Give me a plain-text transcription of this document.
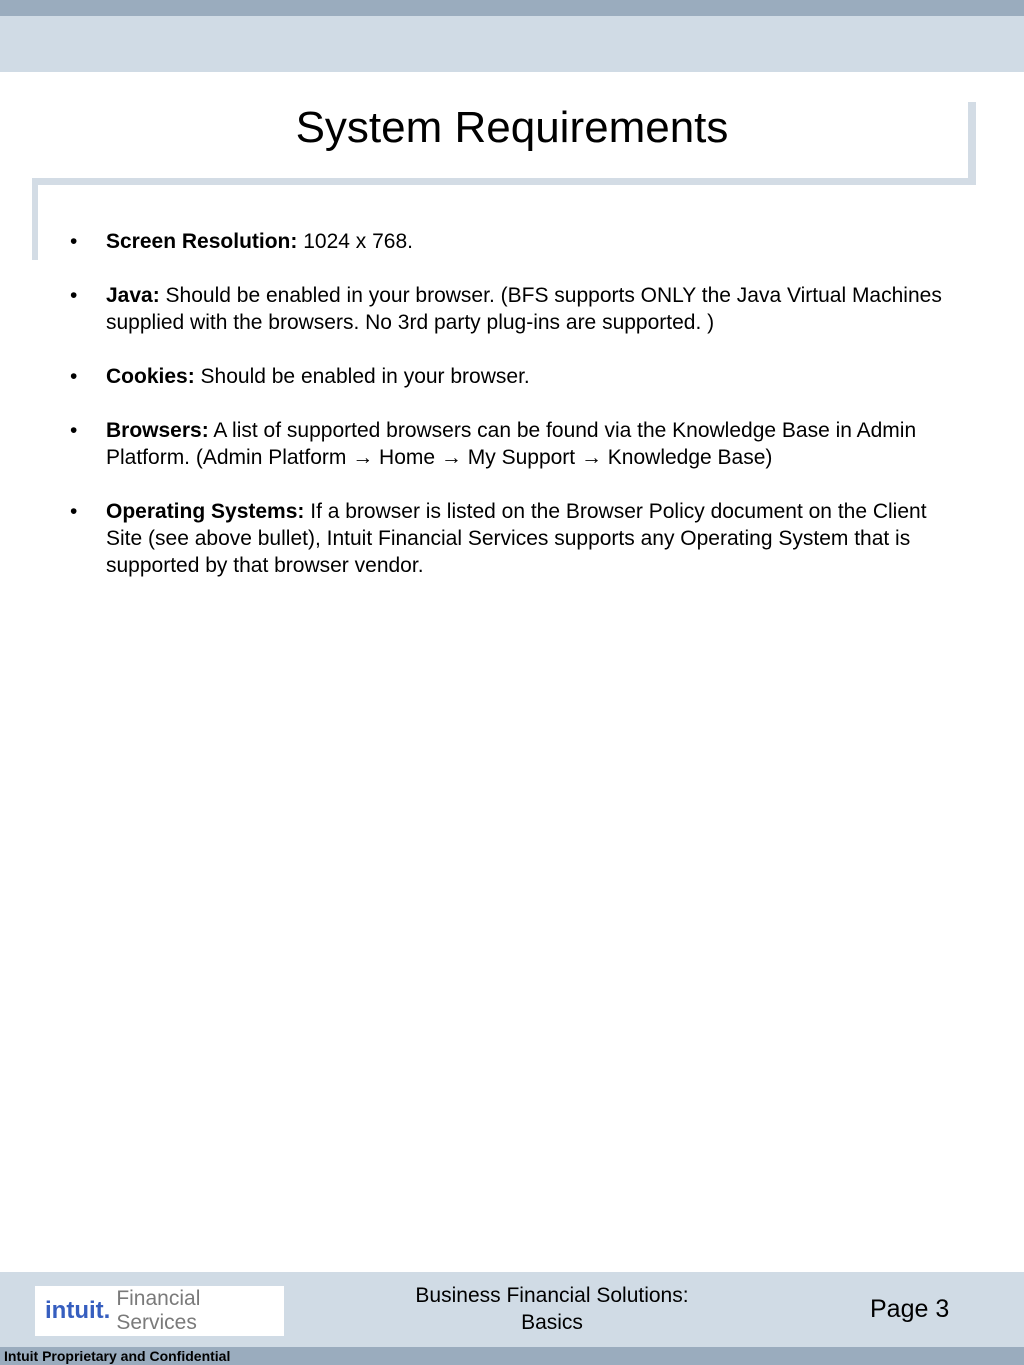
System Requirements
• Screen Resolution: 1024 x 768.
• Java: Should be enabled in your browser. (BFS supports ONLY the Java Virtual Machines supplied with the browsers. No 3rd party plug-ins are supported. )
• Cookies: Should be enabled in your browser.
• Browsers: A list of supported browsers can be found via the Knowledge Base in Admin Platform. (Admin Platform → Home → My Support → Knowledge Base)
• Operating Systems: If a browser is listed on the Browser Policy document on the Client Site (see above bullet), Intuit Financial Services supports any Operating System that is supported by that browser vendor.
intuit. Financial Services
Business Financial Solutions:
Basics	Page 3
Intuit Proprietary and Confidential
